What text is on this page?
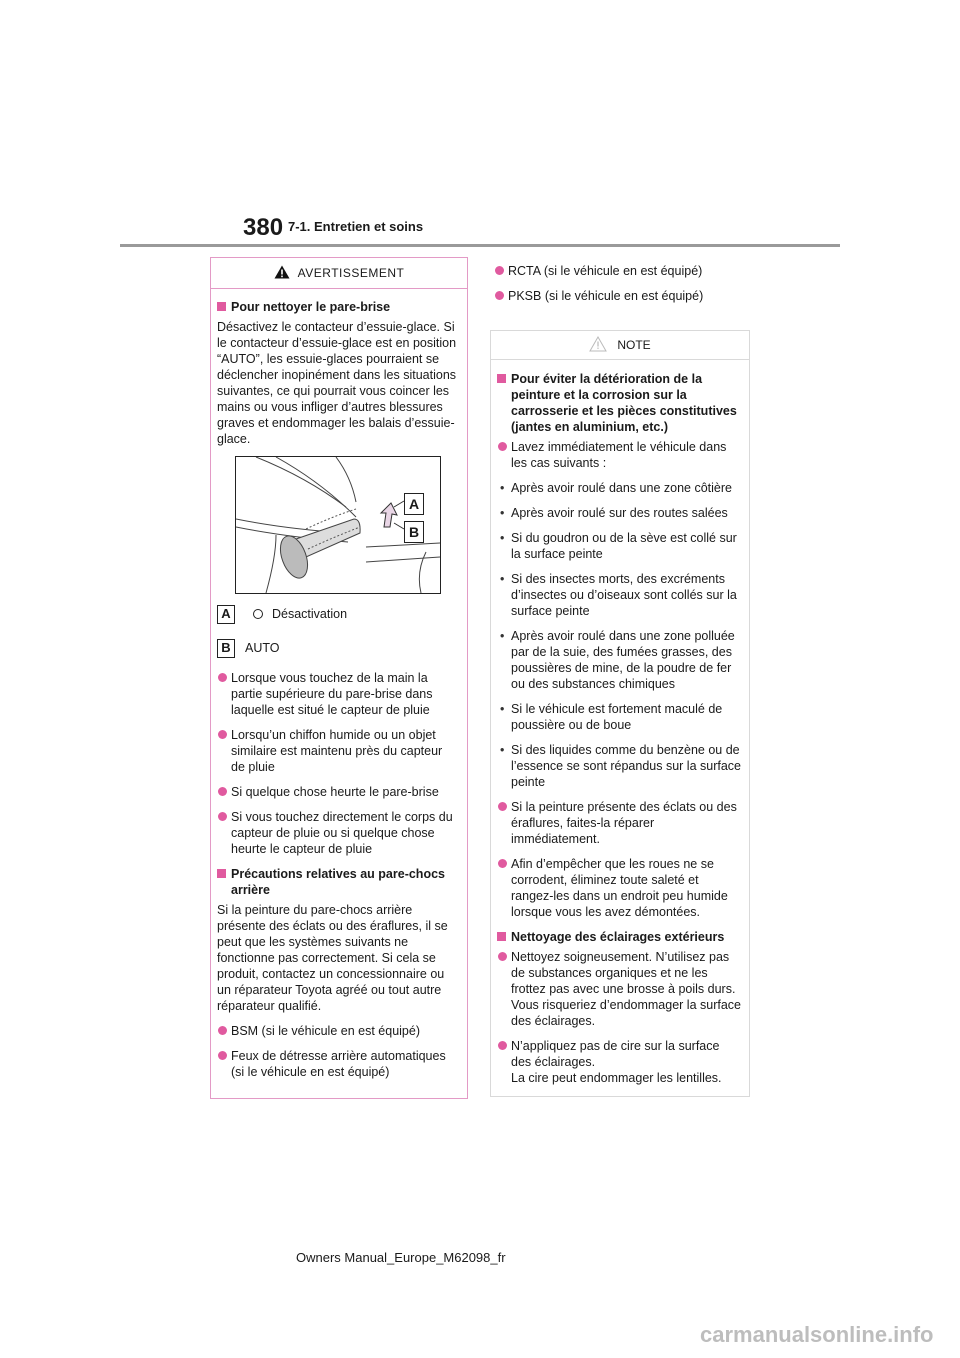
380 7-1. Entretien et soins
AVERTISSEMENT
Pour nettoyer le pare-brise

Désactivez le contacteur d’essuie-glace. Si le contacteur d’essuie-glace est en position “AUTO”, les essuie-glaces pourraient se déclencher inopinément dans les situations suivantes, ce qui pourrait vous coincer les mains ou vous infliger d’autres blessures graves et endommager les balais d’essuie-glace.

A
B
A	Désactivation
B	AUTO

Lorsque vous touchez de la main la partie supérieure du pare-brise dans laquelle est situé le capteur de pluie

Lorsqu’un chiffon humide ou un objet similaire est maintenu près du capteur de pluie

Si quelque chose heurte le pare-brise

Si vous touchez directement le corps du capteur de pluie ou si quelque chose heurte le capteur de pluie

Précautions relatives au pare-chocs arrière

Si la peinture du pare-chocs arrière présente des éclats ou des éraflures, il se peut que les systèmes suivants ne fonctionne pas correctement. Si cela se produit, contactez un concessionnaire ou un réparateur Toyota agréé ou tout autre réparateur qualifié.

BSM (si le véhicule en est équipé)

Feux de détresse arrière automatiques (si le véhicule en est équipé)

RCTA (si le véhicule en est équipé)

PKSB (si le véhicule en est équipé)

NOTE
Pour éviter la détérioration de la peinture et la corrosion sur la carrosserie et les pièces constitutives (jantes en aluminium, etc.)

Lavez immédiatement le véhicule dans les cas suivants :

• Après avoir roulé dans une zone côtière

• Après avoir roulé sur des routes salées

• Si du goudron ou de la sève est collé sur la surface peinte

• Si des insectes morts, des excréments d’insectes ou d’oiseaux sont collés sur la surface peinte

• Après avoir roulé dans une zone polluée par de la suie, des fumées grasses, des poussières de mine, de la poudre de fer ou des substances chimiques

• Si le véhicule est fortement maculé de poussière ou de boue

• Si des liquides comme du benzène ou de l’essence se sont répandus sur la surface peinte

Si la peinture présente des éclats ou des éraflures, faites-la réparer immédiatement.

Afin d’empêcher que les roues ne se corrodent, éliminez toute saleté et rangez-les dans un endroit peu humide lorsque vous les avez démontées.

Nettoyage des éclairages extérieurs

Nettoyez soigneusement. N’utilisez pas de substances organiques et ne les frottez pas avec une brosse à poils durs. Vous risqueriez d’endommager la surface des éclairages.

N’appliquez pas de cire sur la surface des éclairages.
La cire peut endommager les lentilles.
Owners Manual_Europe_M62098_fr
carmanualsonline.info
